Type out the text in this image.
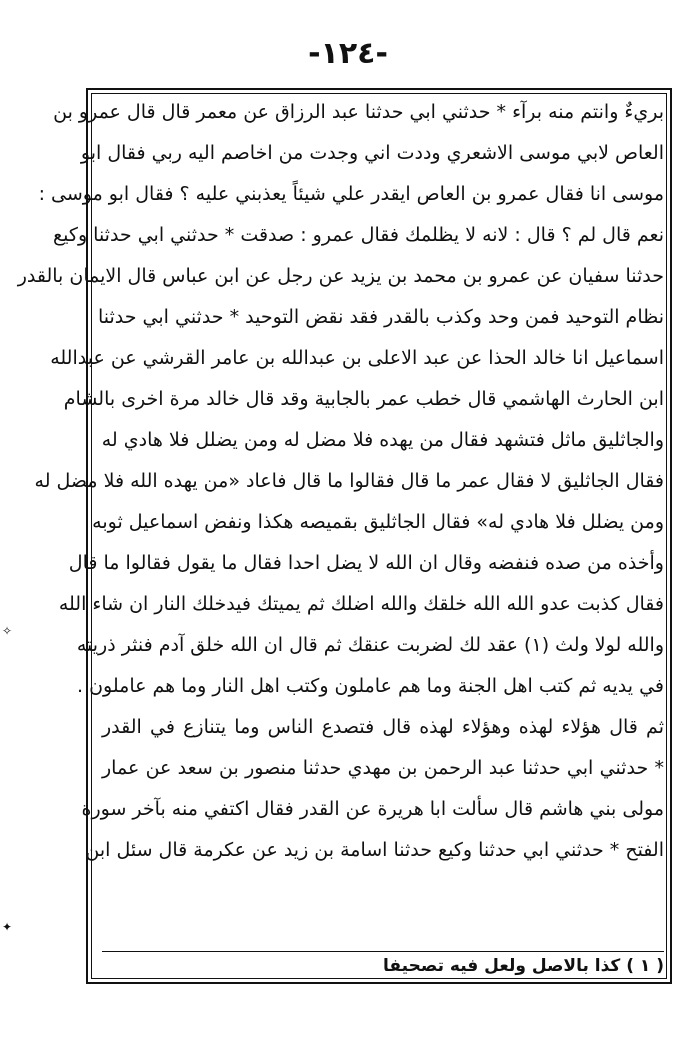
-١٢٤-
بريءٌ وانتم منه برآء * حدثني ابي حدثنا عبد الرزاق عن معمر قال قال عمرو بن
العاص لابي موسى الاشعري وددت اني وجدت من اخاصم اليه ربي فقال ابو
موسى انا فقال عمرو بن العاص ايقدر علي شيئاً يعذبني عليه ؟ فقال ابو موسى :
نعم قال لم ؟ قال : لانه لا يظلمك فقال عمرو : صدقت * حدثني ابي حدثنا وكيع
حدثنا سفيان عن عمرو بن محمد بن يزيد عن رجل عن ابن عباس قال الايمان بالقدر
نظام التوحيد فمن وحد وكذب بالقدر فقد نقض التوحيد * حدثني ابي حدثنا
اسماعيل انا خالد الحذا عن عبد الاعلى بن عبدالله بن عامر القرشي عن عبدالله
ابن الحارث الهاشمي قال خطب عمر بالجابية وقد قال خالد مرة اخرى بالشام
والجاثليق ماثل فتشهد فقال من يهده فلا مضل له ومن يضلل فلا هادي له
فقال الجاثليق لا فقال عمر ما قال فقالوا ما قال فاعاد «من يهده الله فلا مضل له
ومن يضلل فلا هادي له» فقال الجاثليق بقميصه هكذا ونفض اسماعيل ثوبه
وأخذه من صده فنفضه وقال ان الله لا يضل احدا فقال ما يقول فقالوا ما قال
فقال كذبت عدو الله الله خلقك والله اضلك ثم يميتك فيدخلك النار ان شاء الله
والله لولا ولث (١) عقد لك لضربت عنقك ثم قال ان الله خلق آدم فنثر ذريته
في يديه ثم كتب اهل الجنة وما هم عاملون وكتب اهل النار وما هم عاملون .
ثم قال هؤلاء لهذه وهؤلاء لهذه قال فتصدع الناس وما يتنازع في القدر
* حدثني ابي حدثنا عبد الرحمن بن مهدي حدثنا منصور بن سعد عن عمار
مولى بني هاشم قال سألت ابا هريرة عن القدر فقال اكتفي منه بآخر سورة
الفتح * حدثني ابي حدثنا وكيع حدثنا اسامة بن زيد عن عكرمة قال سئل ابن
( ١ ) كذا بالاصل ولعل فيه تصحيفا
✧
✦
